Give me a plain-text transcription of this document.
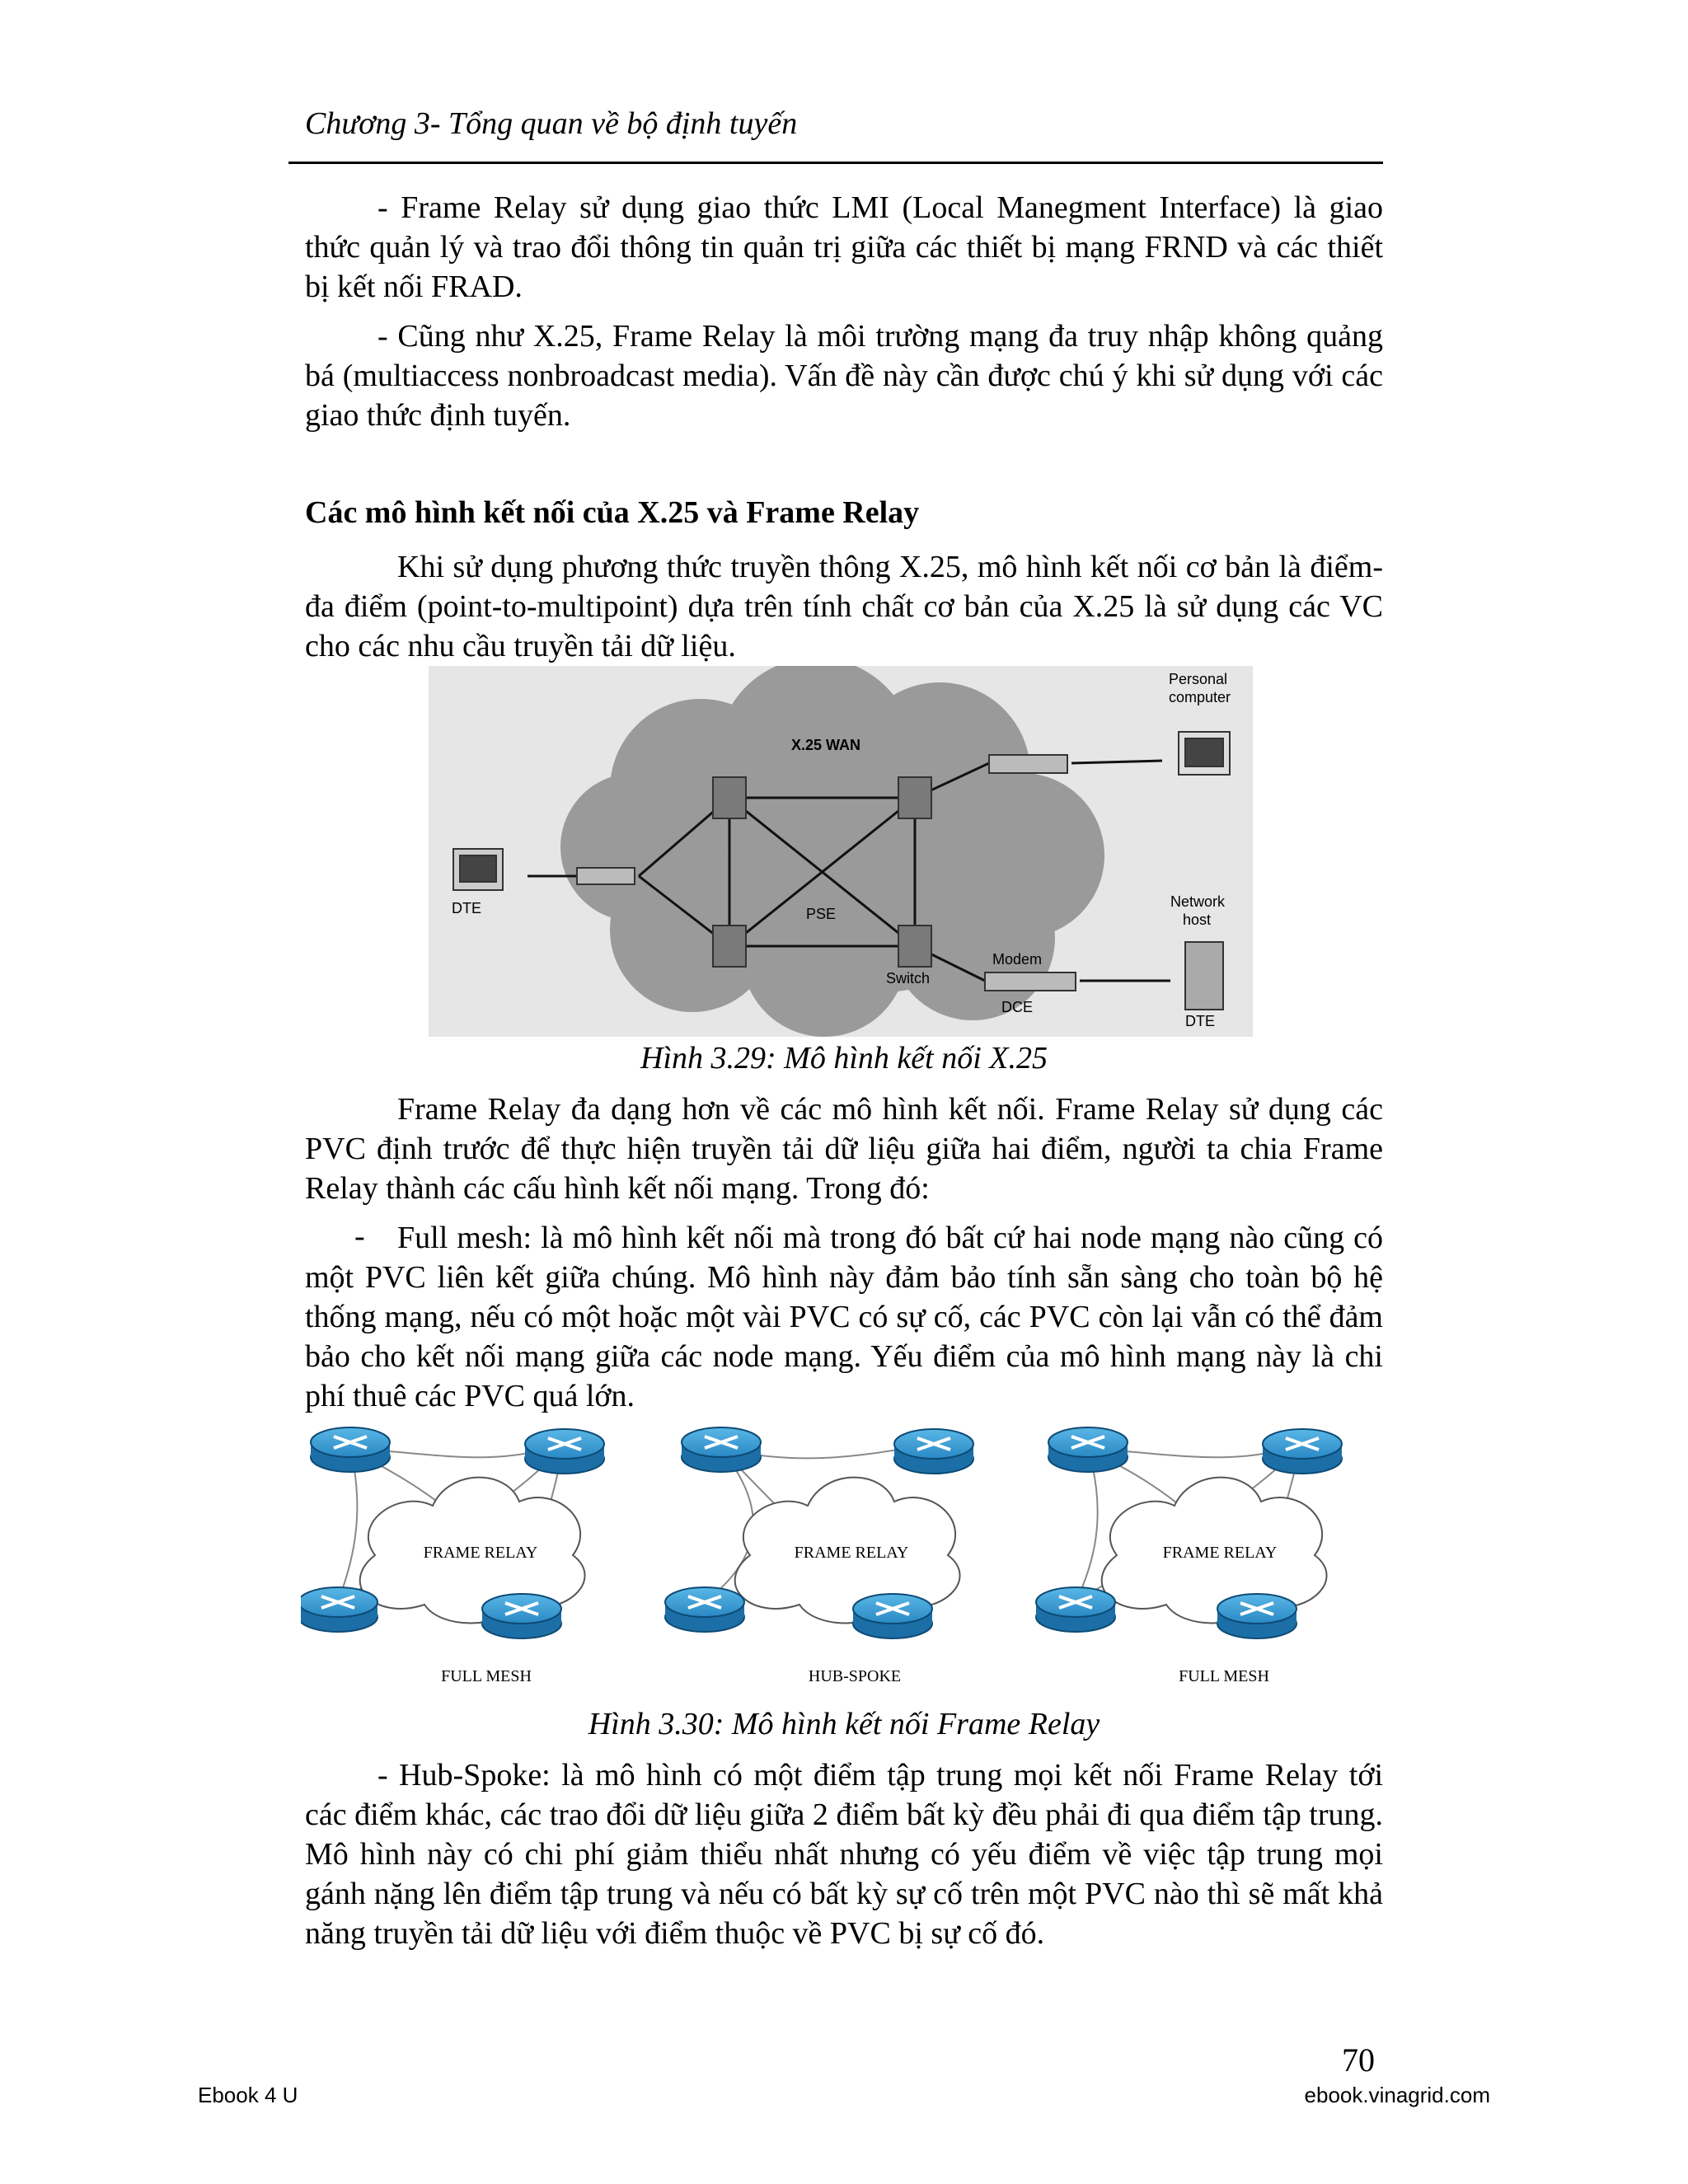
Chương 3- Tổng quan về bộ định tuyến

- Frame Relay sử dụng giao thức LMI (Local Manegment Interface) là giao thức quản lý và trao đổi thông tin quản trị giữa các thiết bị mạng FRND và các thiết bị kết nối FRAD.

- Cũng như X.25, Frame Relay là môi trường mạng đa truy nhập không quảng bá (multiaccess nonbroadcast media). Vấn đề này cần được chú ý khi sử dụng với các giao thức định tuyến.

Các mô hình kết nối của X.25 và Frame Relay

Khi sử dụng phương thức truyền thông X.25, mô hình kết nối cơ bản là điểm-đa điểm (point-to-multipoint) dựa trên tính chất cơ bản của X.25 là sử dụng các VC cho các nhu cầu truyền tải dữ liệu.

X.25 WAN
PSE
Switch
Modem
DCE
DTE
DTE
Personal
computer
Network
host
Hình 3.29: Mô hình kết nối X.25

Frame Relay đa dạng hơn về các mô hình kết nối. Frame Relay sử dụng các PVC định trước để thực hiện truyền tải dữ liệu giữa hai điểm, người ta chia Frame Relay thành các cấu hình kết nối mạng. Trong đó:

-	Full mesh: là mô hình kết nối mà trong đó bất cứ hai node mạng nào cũng có một PVC liên kết giữa chúng. Mô hình này đảm bảo tính sẵn sàng cho toàn bộ hệ thống mạng, nếu có một hoặc một vài PVC có sự cố, các PVC còn lại vẫn có thể đảm bảo cho kết nối mạng giữa các node mạng. Yếu điểm của mô hình mạng này là chi phí thuê các PVC quá lớn.

FRAME RELAY
FULL MESH
FRAME RELAY
HUB-SPOKE
FRAME RELAY
FULL MESH
Hình 3.30: Mô hình kết nối Frame Relay

- Hub-Spoke: là mô hình có một điểm tập trung mọi kết nối Frame Relay tới các điểm khác, các trao đổi dữ liệu giữa 2 điểm bất kỳ đều phải đi qua điểm tập trung. Mô hình này có chi phí giảm thiểu nhất nhưng có yếu điểm về việc tập trung mọi gánh nặng lên điểm tập trung và nếu có bất kỳ sự cố trên một PVC nào thì sẽ mất khả năng truyền tải dữ liệu với điểm thuộc về PVC bị sự cố đó.

70
Ebook 4 U	ebook.vinagrid.com
